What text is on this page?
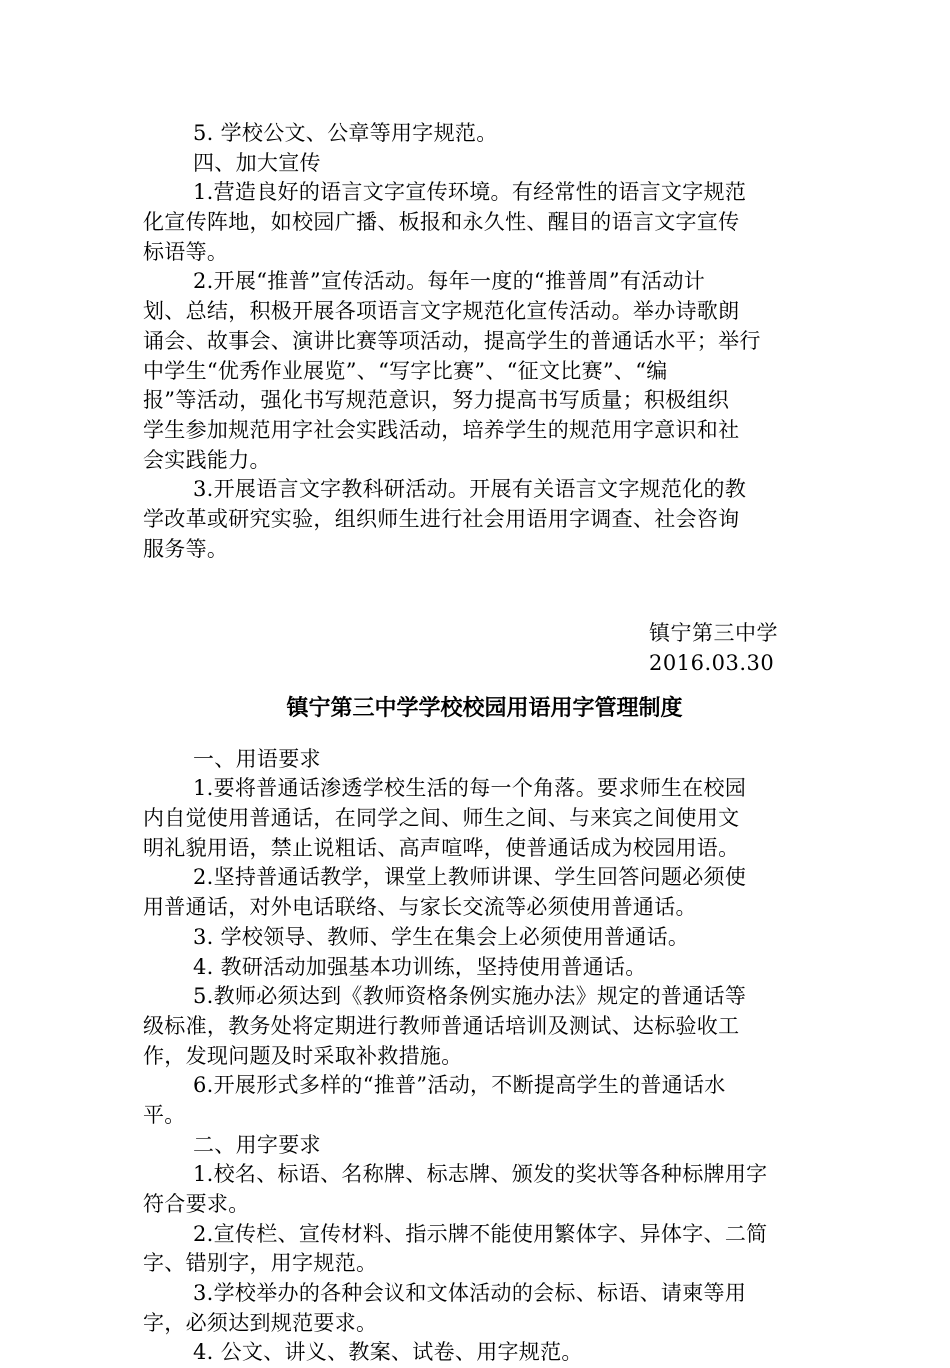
5. 学校公文、公章等用字规范。
四、加大宣传
1.营造良好的语言文字宣传环境。有经常性的语言文字规范
化宣传阵地，如校园广播、板报和永久性、醒目的语言文字宣传
标语等。
2.开展“推普”宣传活动。每年一度的“推普周”有活动计
划、总结，积极开展各项语言文字规范化宣传活动。举办诗歌朗
诵会、故事会、演讲比赛等项活动，提高学生的普通话水平；举行
中学生“优秀作业展览”、“写字比赛”、“征文比赛”、“编
报”等活动，强化书写规范意识，努力提高书写质量；积极组织
学生参加规范用字社会实践活动，培养学生的规范用字意识和社
会实践能力。
3.开展语言文字教科研活动。开展有关语言文字规范化的教
学改革或研究实验，组织师生进行社会用语用字调查、社会咨询
服务等。
镇宁第三中学
2016.03.30
镇宁第三中学学校校园用语用字管理制度
一、用语要求
1.要将普通话渗透学校生活的每一个角落。要求师生在校园
内自觉使用普通话，在同学之间、师生之间、与来宾之间使用文
明礼貌用语，禁止说粗话、高声喧哗，使普通话成为校园用语。
2.坚持普通话教学，课堂上教师讲课、学生回答问题必须使
用普通话，对外电话联络、与家长交流等必须使用普通话。
3. 学校领导、教师、学生在集会上必须使用普通话。
4. 教研活动加强基本功训练，坚持使用普通话。
5.教师必须达到《教师资格条例实施办法》规定的普通话等
级标准，教务处将定期进行教师普通话培训及测试、达标验收工
作，发现问题及时采取补救措施。
6.开展形式多样的“推普”活动，不断提高学生的普通话水
平。
二、用字要求
1.校名、标语、名称牌、标志牌、颁发的奖状等各种标牌用字
符合要求。
2.宣传栏、宣传材料、指示牌不能使用繁体字、异体字、二简
字、错别字，用字规范。
3.学校举办的各种会议和文体活动的会标、标语、请柬等用
字，必须达到规范要求。
4. 公文、讲义、教案、试卷、用字规范。
